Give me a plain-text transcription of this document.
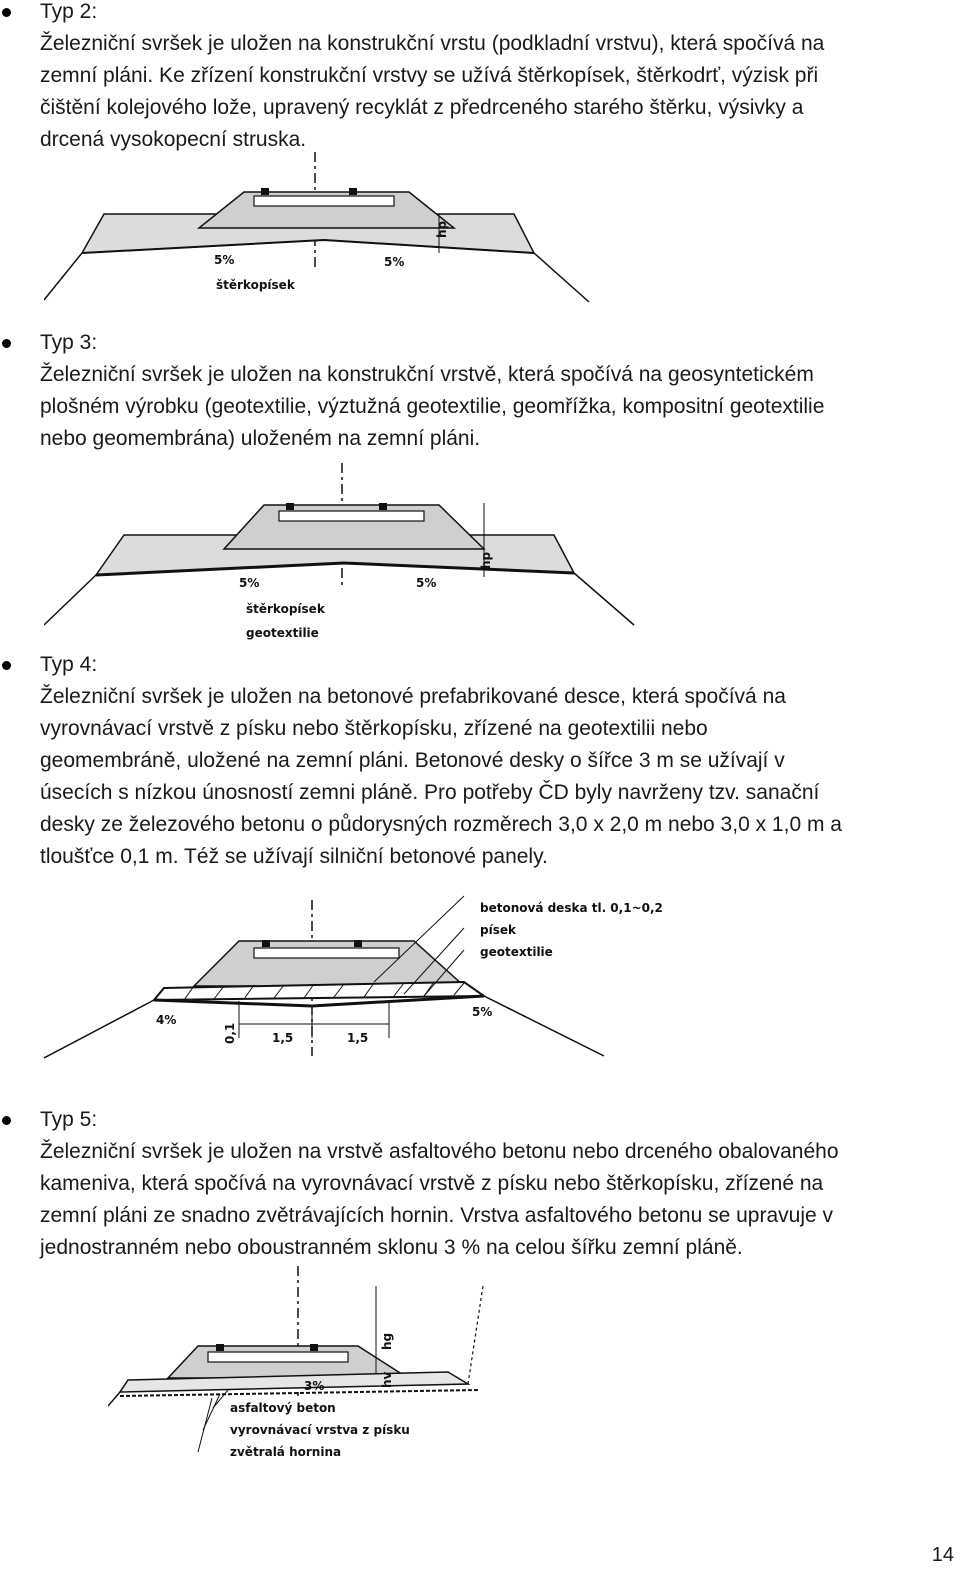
Typ 2:
Železniční svršek je uložen na konstrukční vrstu (podkladní vrstvu), která spočívá na
zemní pláni. Ke zřízení konstrukční vrstvy se užívá štěrkopísek, štěrkodrť, výzisk při
čištění kolejového lože, upravený recyklát z předrceného starého štěrku, výsivky a
drcená vysokopecní struska.
5%	5%
štěrkopísek
hp
Typ 3:
Železniční svršek je uložen na konstrukční vrstvě, která spočívá na geosyntetickém
plošném výrobku (geotextilie, výztužná geotextilie, geomřížka, kompositní geotextilie
nebo geomembrána) uloženém na zemní pláni.
5%	5%
štěrkopísek
geotextilie
hp
Typ 4:
Železniční svršek je uložen na betonové prefabrikované desce, která spočívá na
vyrovnávací vrstvě z písku nebo štěrkopísku, zřízené na geotextilii nebo
geomembráně, uložené na zemní pláni. Betonové desky o šířce 3 m se užívají v
úsecích s nízkou únosností zemni pláně. Pro potřeby ČD byly navrženy tzv. sanační
desky ze železového betonu o půdorysných rozměrech 3,0 x 2,0 m nebo 3,0 x 1,0 m a
tloušťce 0,1 m. Též se užívají silniční betonové panely.
betonová deska tl. 0,1~0,2
písek
geotextilie
4%
5%
1,5	1,5
0,1
Typ 5:
Železniční svršek je uložen na vrstvě asfaltového betonu nebo drceného obalovaného
kameniva, která spočívá na vyrovnávací vrstvě z písku nebo štěrkopísku, zřízené na
zemní pláni ze snadno zvětrávajících hornin. Vrstva asfaltového betonu se upravuje v
jednostranném nebo oboustranném sklonu 3 % na celou šířku zemní pláně.
3%
asfaltový beton
vyrovnávací vrstva z písku
zvětralá hornina
hg
hv
14
